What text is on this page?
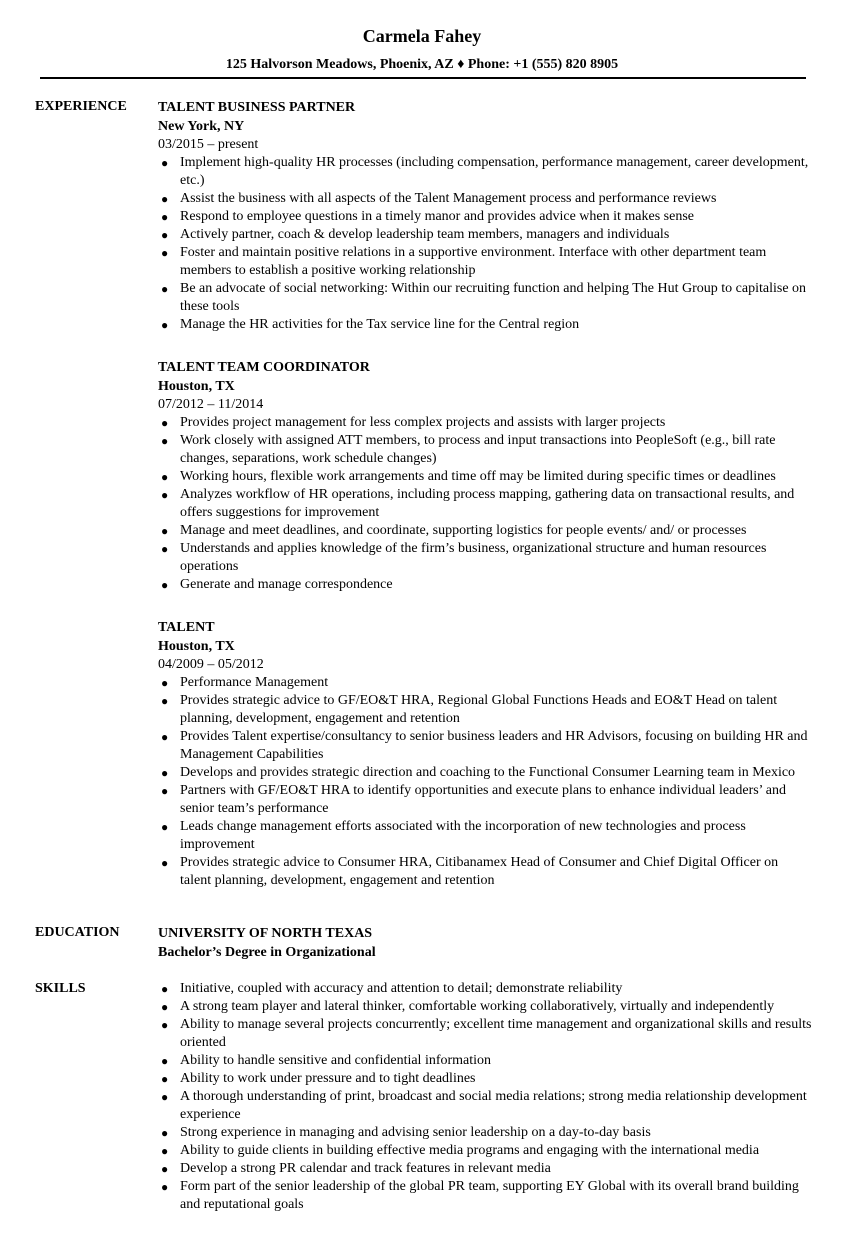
Carmela Fahey
125 Halvorson Meadows, Phoenix, AZ ♦ Phone: +1 (555) 820 8905
EXPERIENCE TALENT BUSINESS PARTNER
New York, NY
03/2015 – present
● Implement high-quality HR processes (including compensation, performance management, career development, etc.)
● Assist the business with all aspects of the Talent Management process and performance reviews
● Respond to employee questions in a timely manor and provides advice when it makes sense
● Actively partner, coach & develop leadership team members, managers and individuals
● Foster and maintain positive relations in a supportive environment. Interface with other department team members to establish a positive working relationship
● Be an advocate of social networking: Within our recruiting function and helping The Hut Group to capitalise on these tools
● Manage the HR activities for the Tax service line for the Central region
TALENT TEAM COORDINATOR
Houston, TX
07/2012 – 11/2014
● Provides project management for less complex projects and assists with larger projects
● Work closely with assigned ATT members, to process and input transactions into PeopleSoft (e.g., bill rate changes, separations, work schedule changes)
● Working hours, flexible work arrangements and time off may be limited during specific times or deadlines
● Analyzes workflow of HR operations, including process mapping, gathering data on transactional results, and offers suggestions for improvement
● Manage and meet deadlines, and coordinate, supporting logistics for people events/ and/ or processes
● Understands and applies knowledge of the firm’s business, organizational structure and human resources operations
● Generate and manage correspondence
TALENT
Houston, TX
04/2009 – 05/2012
● Performance Management
● Provides strategic advice to GF/EO&T HRA, Regional Global Functions Heads and EO&T Head on talent planning, development, engagement and retention
● Provides Talent expertise/consultancy to senior business leaders and HR Advisors, focusing on building HR and Management Capabilities
● Develops and provides strategic direction and coaching to the Functional Consumer Learning team in Mexico
● Partners with GF/EO&T HRA to identify opportunities and execute plans to enhance individual leaders’ and senior team’s performance
● Leads change management efforts associated with the incorporation of new technologies and process improvement
● Provides strategic advice to Consumer HRA, Citibanamex Head of Consumer and Chief Digital Officer on talent planning, development, engagement and retention
EDUCATION	UNIVERSITY OF NORTH TEXAS
Bachelor’s Degree in Organizational
SKILLS	● Initiative, coupled with accuracy and attention to detail; demonstrate reliability
● A strong team player and lateral thinker, comfortable working collaboratively, virtually and independently
● Ability to manage several projects concurrently; excellent time management and organizational skills and results oriented
● Ability to handle sensitive and confidential information
● Ability to work under pressure and to tight deadlines
● A thorough understanding of print, broadcast and social media relations; strong media relationship development experience
● Strong experience in managing and advising senior leadership on a day-to-day basis
● Ability to guide clients in building effective media programs and engaging with the international media
● Develop a strong PR calendar and track features in relevant media
● Form part of the senior leadership of the global PR team, supporting EY Global with its overall brand building and reputational goals
